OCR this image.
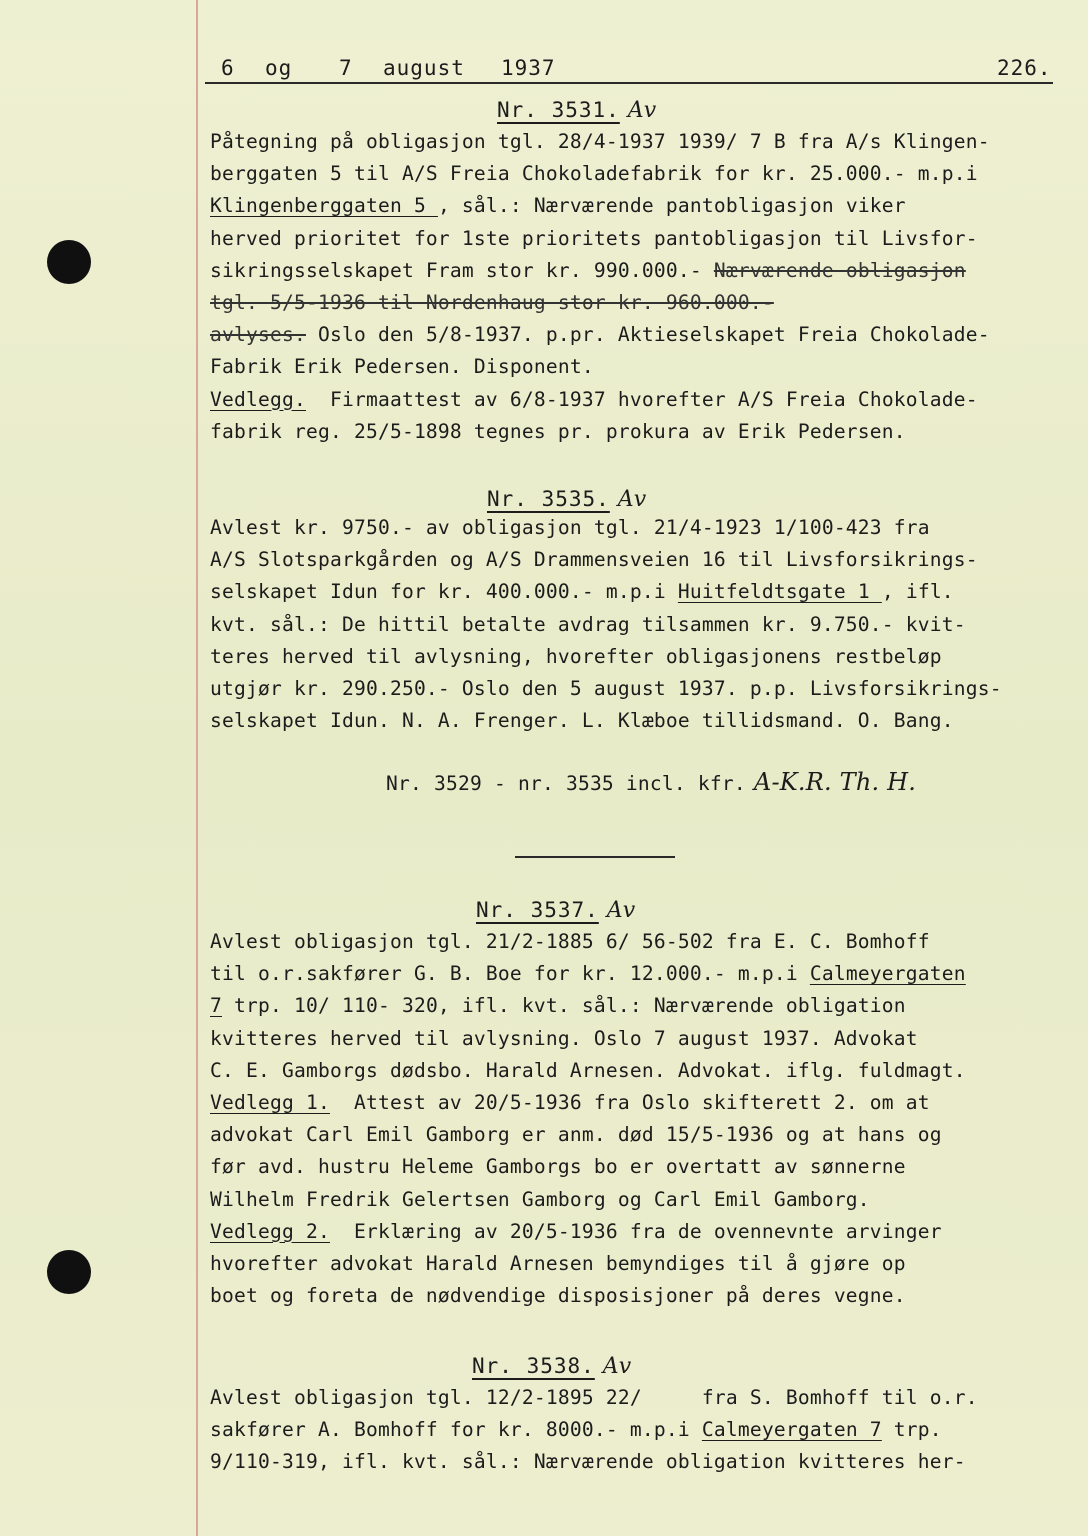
6 og 7 august 1937	226.
Nr. 3531. Av
Påtegning på obligasjon tgl. 28/4-1937 1939/ 7 B fra A/s Klingen-
berggaten 5 til A/S Freia Chokoladefabrik for kr. 25.000.- m.p.i
Klingenberggaten 5 , sål.: Nærværende pantobligasjon viker
herved prioritet for 1ste prioritets pantobligasjon til Livsfor-
sikringsselskapet Fram stor kr. 990.000.- Nærværende obligasjon
tgl. 5/5-1936 til Nordenhaug stor kr. 960.000.-
avlyses. Oslo den 5/8-1937. p.pr. Aktieselskapet Freia Chokolade-
Fabrik Erik Pedersen. Disponent.
Vedlegg.  Firmaattest av 6/8-1937 hvorefter A/S Freia Chokolade-
fabrik reg. 25/5-1898 tegnes pr. prokura av Erik Pedersen.
Nr. 3535. Av
Avlest kr. 9750.- av obligasjon tgl. 21/4-1923 1/100-423 fra
A/S Slotsparkgården og A/S Drammensveien 16 til Livsforsikrings-
selskapet Idun for kr. 400.000.- m.p.i Huitfeldtsgate 1 , ifl.
kvt. sål.: De hittil betalte avdrag tilsammen kr. 9.750.- kvit-
teres herved til avlysning, hvorefter obligasjonens restbeløp
utgjør kr. 290.250.- Oslo den 5 august 1937. p.p. Livsforsikrings-
selskapet Idun. N. A. Frenger. L. Klæboe tillidsmand. O. Bang.
Nr. 3529 - nr. 3535 incl. kfr. A-K.R. Th. H.
Nr. 3537. Av
Avlest obligasjon tgl. 21/2-1885 6/ 56-502 fra E. C. Bomhoff
til o.r.sakfører G. B. Boe for kr. 12.000.- m.p.i Calmeyergaten
7 trp. 10/ 110- 320, ifl. kvt. sål.: Nærværende obligation
kvitteres herved til avlysning. Oslo 7 august 1937. Advokat
C. E. Gamborgs dødsbo. Harald Arnesen. Advokat. iflg. fuldmagt.
Vedlegg 1.  Attest av 20/5-1936 fra Oslo skifterett 2. om at
advokat Carl Emil Gamborg er anm. død 15/5-1936 og at hans og
før avd. hustru Heleme Gamborgs bo er overtatt av sønnerne
Wilhelm Fredrik Gelertsen Gamborg og Carl Emil Gamborg.
Vedlegg 2.  Erklæring av 20/5-1936 fra de ovennevnte arvinger
hvorefter advokat Harald Arnesen bemyndiges til å gjøre op
boet og foreta de nødvendige disposisjoner på deres vegne.
Nr. 3538. Av
Avlest obligasjon tgl. 12/2-1895 22/     fra S. Bomhoff til o.r.
sakfører A. Bomhoff for kr. 8000.- m.p.i Calmeyergaten 7 trp.
9/110-319, ifl. kvt. sål.: Nærværende obligation kvitteres her-
